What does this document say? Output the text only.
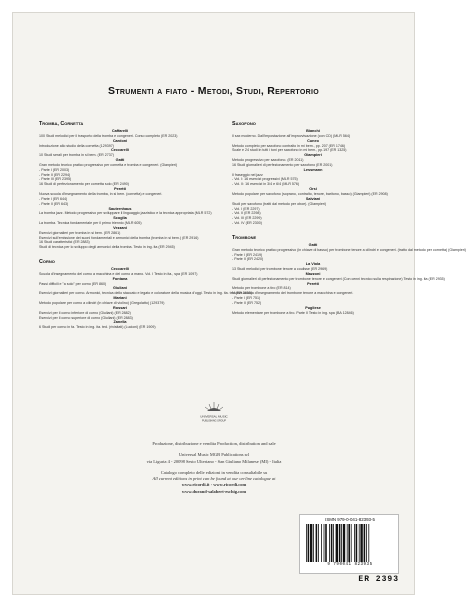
Strumenti a fiato - Metodi, Studi, Repertorio
Tromba, Cornetta
Caffarelli
100 Studi melodici per il trasporto della tromba e congeneri. Corso completo (ER 2023)
Cardoni
Introduzione allo studio della cornetta (129397)
Ceccarelli
10 Studi serali per tromba in si bem. (ER 2737)
Gatti
Gran metodo teorico pratico progressivo per cornetta e tromba e congeneri. (Gianpieri)
- Parte I (ER 2003)
- Parte II (ER 2294)
- Parte III (ER 2395)
16 Studi di perfezionamento per cornetta solo (ER 2490)
Peretti
Nuova scuola d'insegnamento della tromba, in si bem. (cornetta) e congeneri.
- Parte I (ER 644)
- Parte II (ER 643)
Sauternhaus
La tromba jazz. Metodo progressivo per sviluppare il linguaggio jazzistico e la tecnica appropriata (MLR 572)
Scoglia
La tromba. Tecnica fondamentale per il primo triennio (MLR 605)
Vezzani
Esercizi giornalieri per tromba in si bem. (ER 2861)
Esercizi sull'emissione dei suoni fondamentali e armonici della tromba (tromba in si bem.) (ER 2916)
16 Studi caratteristici (ER 2883)
Studi di tecnica per lo sviluppo degli armonici della tromba. Testo in ing. ita (ER 2945)
Corno
Ceccarelli
Scuola d'insegnamento del corno a macchina e del corno a mano. Vol. I Testo in ita., spa (ER 1097)
Fontana
Passi difficili e "a solo" per corno (ER 860)
Giuliani
Esercizi giornalieri per corno. Armonici, tecnica dello staccato e legato e colorature della musica d'oggi. Testo in ing. ita. ted (ER 2855)
Mariani
Metodo popolare per corno a cilindri (in chiave di violino) (Gregolatto) (129379)
Rossari
Esercizi per il corno inferiore di corno (Giuliani) (ER 2882)
Esercizi per il corno superiore di corno (Giuliani) (ER 2883)
Zanella
6 Studi per corno in fa. Testo in ing. ita. ted. (rivisitati) (Lucioni) (ER 1909)
Saxofono
Bianchi
Il sax moderno. Dall'impostazione all'improvvisazione (con CD) (MLR 564)
Cuneo
Metodo completo per saxofono contralto in mi bem., pp. 207 (ER 1746)
Scale e 24 studi in tutti i toni per saxofono in mi bem., pp.197 (ER 1325)
Giampieri
Metodo progressivo per saxofono. (ER 2011)
16 Studi giornalieri di perfezionamento per saxofono (ER 2001)
Lessmann
Il fraseggio nel jazz
- Vol. I: 16 esercizi progressivi (MLR 575)
- Vol. II: 16 esercizi in 3/4 e 6/4 (MLR 576)
Orsi
Metodo popolare per saxofono (soprano, contralto, tenore, baritono, basso) (Giampieri) (ER 2908)
Salviani
Studi per saxofono (tratti dal metodo per oboe). (Giampieri)
- Vol. I (ER 2297)
- Vol. II (ER 2298)
- Vol. III (ER 2299)
- Vol. IV (ER 2300)
Trombone
Gatti
Gran metodo teorico pratico progressivo (in chiave di basso) per trombone tenore a cilindri e congeneri. (tratto dal metodo per cornetta) (Giampieri)
- Parte I (ER 2419)
- Parte II (ER 2420)
La Viola
13 Studi melodici per trombone tenore a coulisse (ER 2969)
Mazzoni
Studi giornalieri di perfezionamento per trombone tenore e congeneri (Con cenni tecnico sulla respirazione) Testo in ing. ita (ER 2935)
Peretti
Metodo per trombone a tiro (ER 814)
Nuova scuola d'insegnamento del trombone tenore a macchina e congeneri.
- Parte I (ER 751)
- Parte II (ER 752)
Pugliese
Metodo elementare per trombone a tiro. Parte II Testo in ing. spa (BA 12846)
UNIVERSAL MUSIC
PUBLISHING GROUP
Produzione, distribuzione e vendita Production, distribution and sale
Universal Music MGB Publications srl
via Liguria 4 - 20098 Sesto Ulteriano - San Giuliano Milanese (MI) - Italia
Catalogo completo delle edizioni in vendita consultabile su
All current editions in print can be found at our on-line catalogue at
www.ricordi.it · www.ricordi.com
www.durand-salabert-eschig.com
ISMN 979-0-041-82393-5
9 790041 823935
ER 2393
